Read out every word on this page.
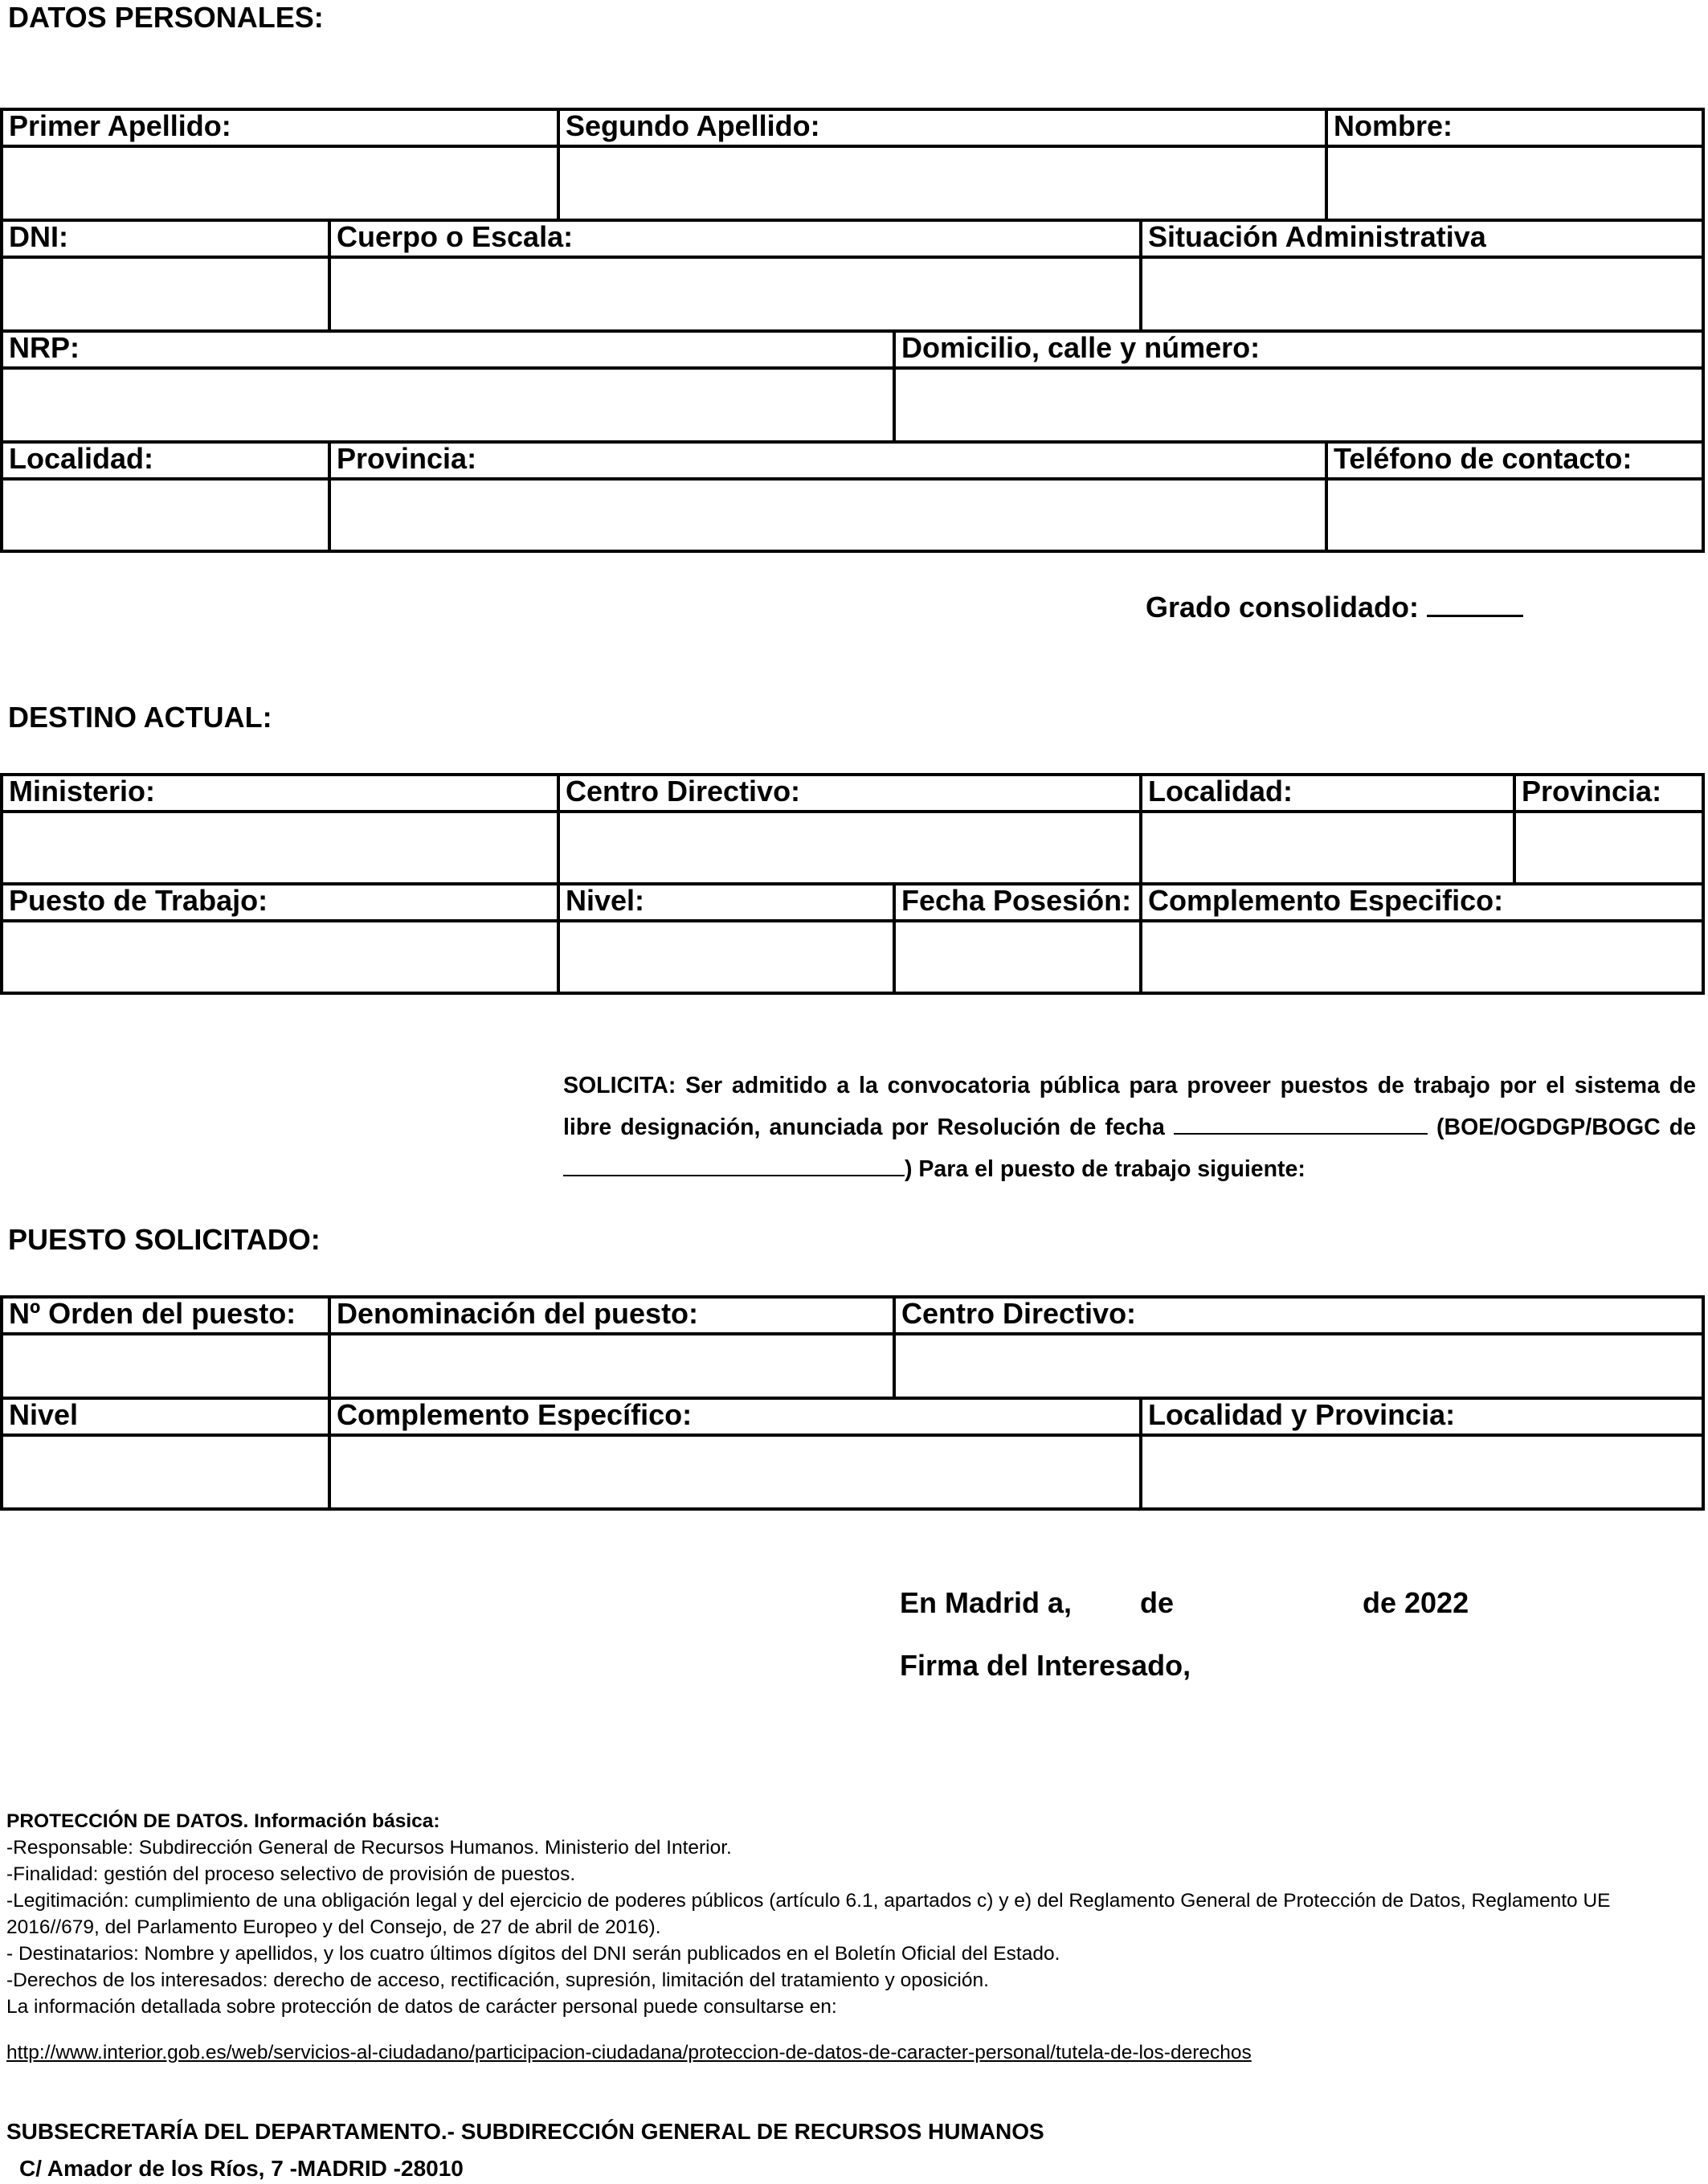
DATOS PERSONALES:
Primer Apellido:	Segundo Apellido:	Nombre:
DNI:	Cuerpo o Escala:	Situación Administrativa
NRP:	Domicilio, calle y número:
Localidad:	Provincia:	Teléfono de contacto:
Grado consolidado:
DESTINO ACTUAL:
Ministerio:	Centro Directivo:	Localidad:	Provincia:
Puesto de Trabajo:	Nivel:	Fecha Posesión: Complemento Especifico:
SOLICITA: Ser admitido a la convocatoria pública para proveer puestos de trabajo por el sistema de libre designación, anunciada por Resolución de fecha	(BOE/OGDGP/BOGC de ) Para el puesto de trabajo siguiente:
PUESTO SOLICITADO:
Nº Orden del puesto:	Denominación del puesto:	Centro Directivo:
Nivel	Complemento Específico:	Localidad y Provincia:
En Madrid a, de	de 2022
Firma del Interesado,
PROTECCIÓN DE DATOS. Información básica:
-Responsable: Subdirección General de Recursos Humanos. Ministerio del Interior.
-Finalidad: gestión del proceso selectivo de provisión de puestos.
-Legitimación: cumplimiento de una obligación legal y del ejercicio de poderes públicos (artículo 6.1, apartados c) y e) del Reglamento General de Protección de Datos, Reglamento UE 2016//679, del Parlamento Europeo y del Consejo, de 27 de abril de 2016).
- Destinatarios: Nombre y apellidos, y los cuatro últimos dígitos del DNI serán publicados en el Boletín Oficial del Estado.
-Derechos de los interesados: derecho de acceso, rectificación, supresión, limitación del tratamiento y oposición.
La información detallada sobre protección de datos de carácter personal puede consultarse en:
http://www.interior.gob.es/web/servicios-al-ciudadano/participacion-ciudadana/proteccion-de-datos-de-caracter-personal/tutela-de-los-derechos
SUBSECRETARÍA DEL DEPARTAMENTO.- SUBDIRECCIÓN GENERAL DE RECURSOS HUMANOS
C/ Amador de los Ríos, 7 -MADRID -28010
